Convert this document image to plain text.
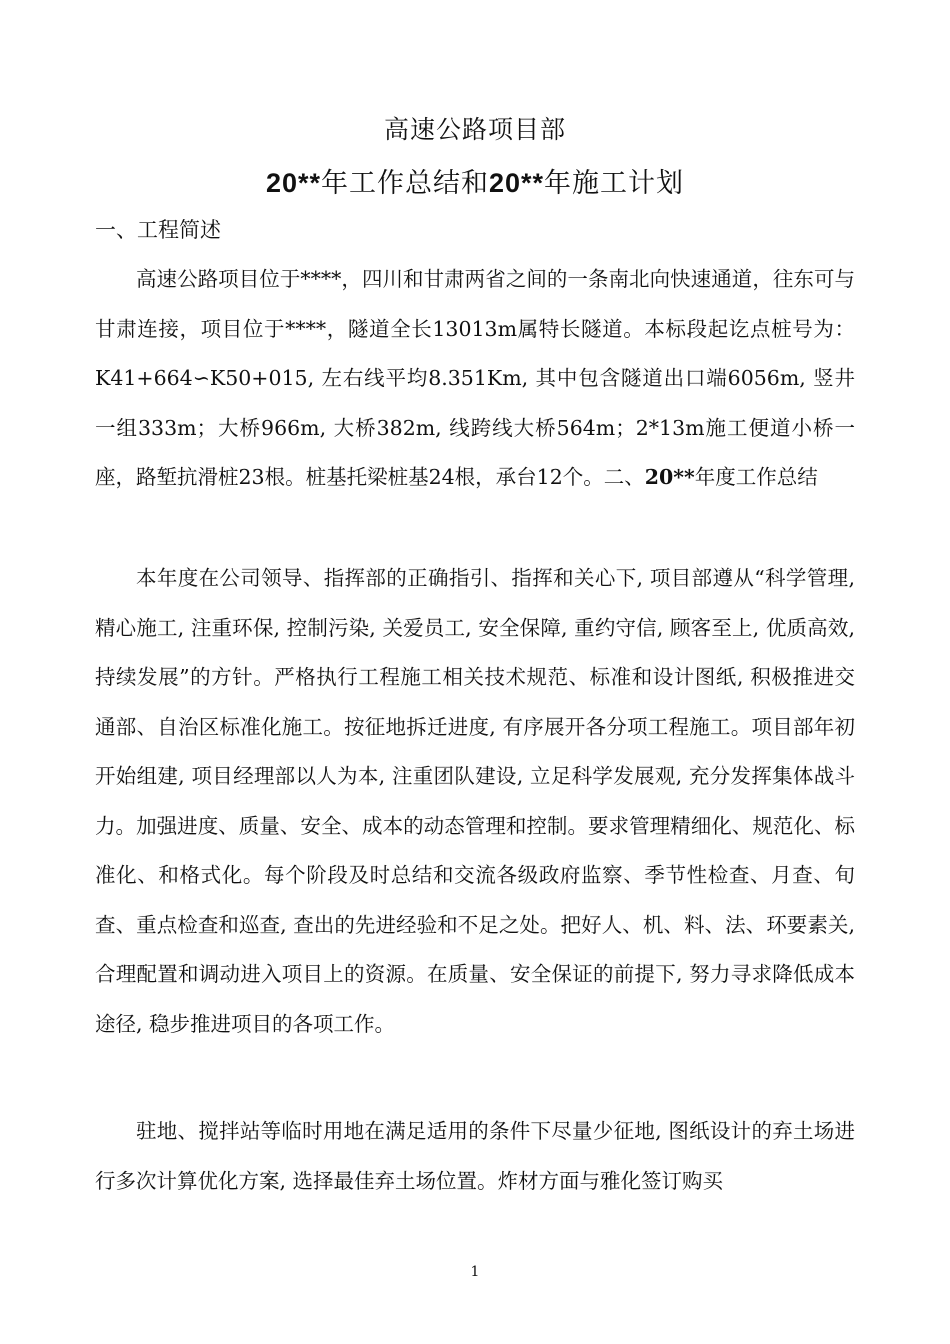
高速公路项目部
20**年工作总结和20**年施工计划
一、工程简述

高速公路项目位于****，四川和甘肃两省之间的一条南北向快速通道，往东可与甘肃连接，项目位于****，隧道全长13013m属特长隧道。本标段起讫点桩号为：K41+664∽K50+015, 左右线平均8.351Km, 其中包含隧道出口端6056m, 竖井一组333m；大桥966m, 大桥382m, 线跨线大桥564m；2*13m施工便道小桥一座，路堑抗滑桩23根。桩基托梁桩基24根，承台12个。二、20**年度工作总结

本年度在公司领导、指挥部的正确指引、指挥和关心下, 项目部遵从“科学管理, 精心施工, 注重环保, 控制污染, 关爱员工, 安全保障, 重约守信, 顾客至上, 优质高效, 持续发展”的方针。严格执行工程施工相关技术规范、标准和设计图纸, 积极推进交通部、自治区标准化施工。按征地拆迁进度, 有序展开各分项工程施工。项目部年初开始组建, 项目经理部以人为本, 注重团队建设, 立足科学发展观, 充分发挥集体战斗力。加强进度、质量、安全、成本的动态管理和控制。要求管理精细化、规范化、标准化、和格式化。每个阶段及时总结和交流各级政府监察、季节性检查、月查、旬查、重点检查和巡查, 查出的先进经验和不足之处。把好人、机、料、法、环要素关, 合理配置和调动进入项目上的资源。在质量、安全保证的前提下, 努力寻求降低成本途径, 稳步推进项目的各项工作。

驻地、搅拌站等临时用地在满足适用的条件下尽量少征地, 图纸设计的弃土场进行多次计算优化方案, 选择最佳弃土场位置。炸材方面与雅化签订购买

1
